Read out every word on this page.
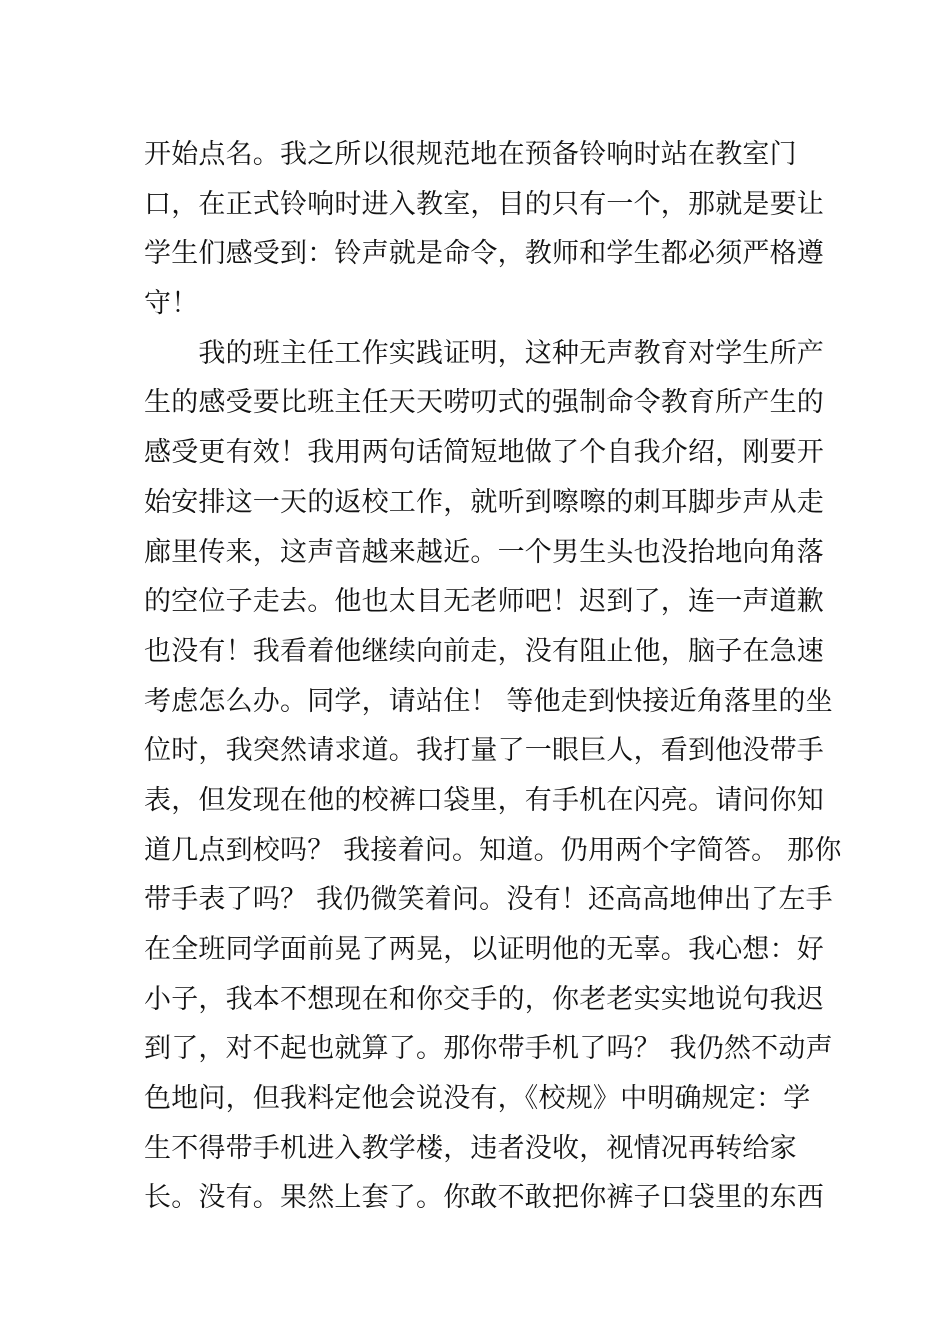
开始点名。我之所以很规范地在预备铃响时站在教室门
口，在正式铃响时进入教室，目的只有一个，那就是要让
学生们感受到：铃声就是命令，教师和学生都必须严格遵
守！
　　我的班主任工作实践证明，这种无声教育对学生所产
生的感受要比班主任天天唠叨式的强制命令教育所产生的
感受更有效！我用两句话简短地做了个自我介绍，刚要开
始安排这一天的返校工作，就听到嚓嚓的刺耳脚步声从走
廊里传来，这声音越来越近。一个男生头也没抬地向角落
的空位子走去。他也太目无老师吧！迟到了，连一声道歉
也没有！我看着他继续向前走，没有阻止他，脑子在急速
考虑怎么办。同学，请站住！ 等他走到快接近角落里的坐
位时，我突然请求道。我打量了一眼巨人，看到他没带手
表，但发现在他的校裤口袋里，有手机在闪亮。请问你知
道几点到校吗？ 我接着问。知道。仍用两个字简答。 那你
带手表了吗？ 我仍微笑着问。没有！还高高地伸出了左手
在全班同学面前晃了两晃，以证明他的无辜。我心想：好
小子，我本不想现在和你交手的，你老老实实地说句我迟
到了，对不起也就算了。那你带手机了吗？ 我仍然不动声
色地问，但我料定他会说没有，《校规》中明确规定：学
生不得带手机进入教学楼，违者没收，视情况再转给家
长。没有。果然上套了。你敢不敢把你裤子口袋里的东西
